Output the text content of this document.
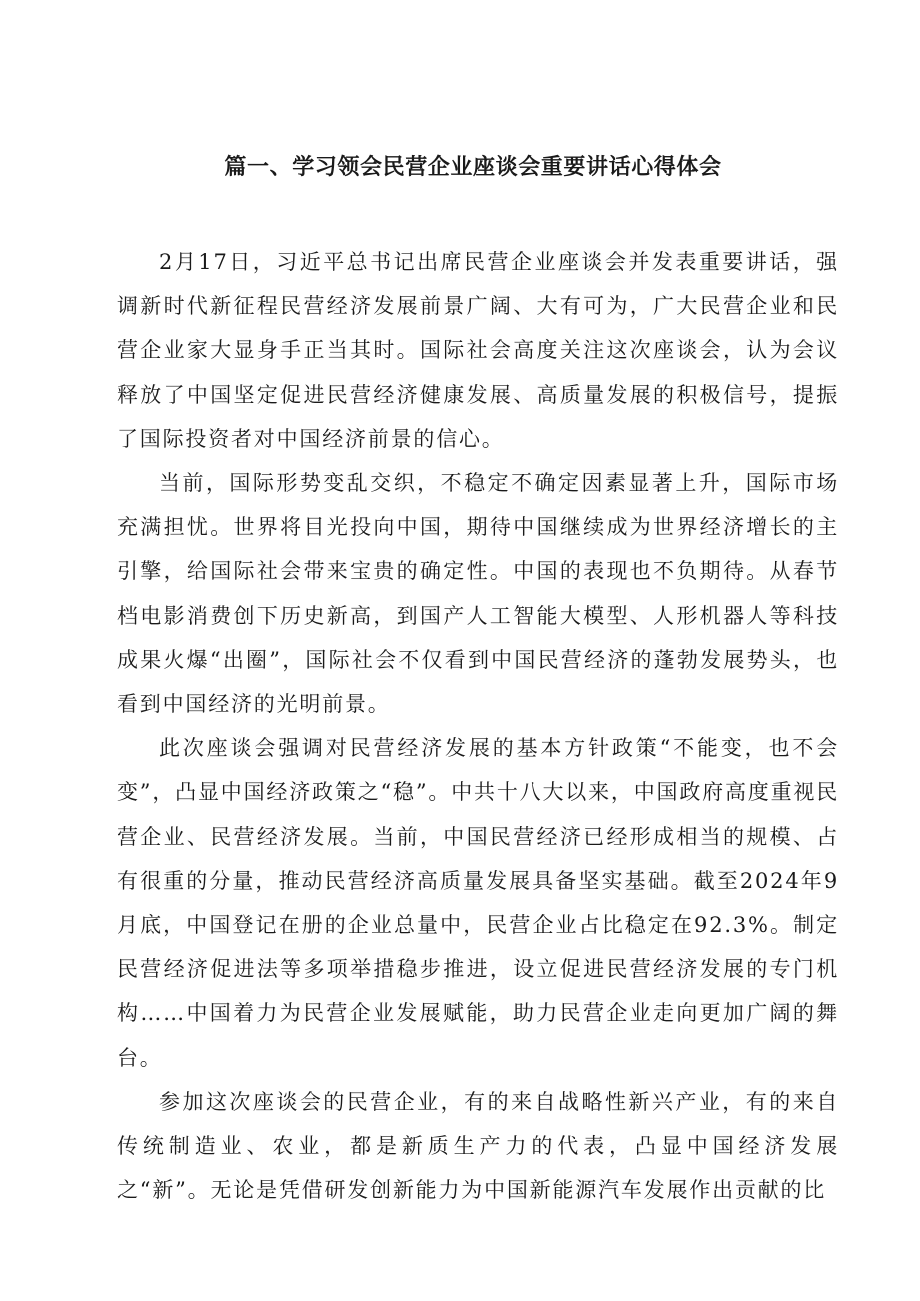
篇一、学习领会民营企业座谈会重要讲话心得体会

2月17日，习近平总书记出席民营企业座谈会并发表重要讲话，强调新时代新征程民营经济发展前景广阔、大有可为，广大民营企业和民营企业家大显身手正当其时。国际社会高度关注这次座谈会，认为会议释放了中国坚定促进民营经济健康发展、高质量发展的积极信号，提振了国际投资者对中国经济前景的信心。

当前，国际形势变乱交织，不稳定不确定因素显著上升，国际市场充满担忧。世界将目光投向中国，期待中国继续成为世界经济增长的主引擎，给国际社会带来宝贵的确定性。中国的表现也不负期待。从春节档电影消费创下历史新高，到国产人工智能大模型、人形机器人等科技成果火爆“出圈”，国际社会不仅看到中国民营经济的蓬勃发展势头，也看到中国经济的光明前景。

此次座谈会强调对民营经济发展的基本方针政策“不能变，也不会变”，凸显中国经济政策之“稳”。中共十八大以来，中国政府高度重视民营企业、民营经济发展。当前，中国民营经济已经形成相当的规模、占有很重的分量，推动民营经济高质量发展具备坚实基础。截至2024年9月底，中国登记在册的企业总量中，民营企业占比稳定在92.3%。制定民营经济促进法等多项举措稳步推进，设立促进民营经济发展的专门机构……中国着力为民营企业发展赋能，助力民营企业走向更加广阔的舞台。

参加这次座谈会的民营企业，有的来自战略性新兴产业，有的来自传统制造业、农业，都是新质生产力的代表，凸显中国经济发展之“新”。无论是凭借研发创新能力为中国新能源汽车发展作出贡献的比
